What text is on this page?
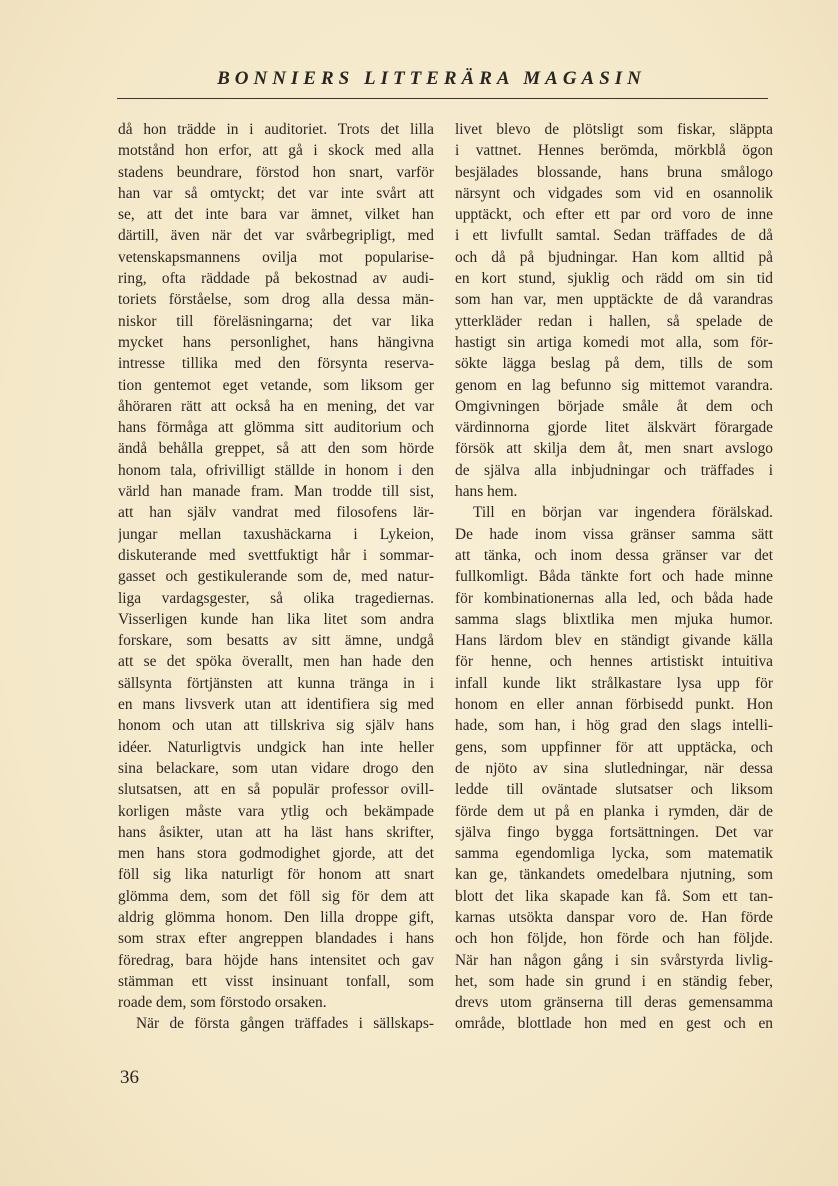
BONNIERS LITTERÄRA MAGASIN
då hon trädde in i auditoriet. Trots det lilla
motstånd hon erfor, att gå i skock med alla
stadens beundrare, förstod hon snart, varför
han var så omtyckt; det var inte svårt att
se, att det inte bara var ämnet, vilket han
därtill, även när det var svårbegripligt, med
vetenskapsmannens ovilja mot popularise-
ring, ofta räddade på bekostnad av audi-
toriets förståelse, som drog alla dessa män-
niskor till föreläsningarna; det var lika
mycket hans personlighet, hans hängivna
intresse tillika med den försynta reserva-
tion gentemot eget vetande, som liksom ger
åhöraren rätt att också ha en mening, det var
hans förmåga att glömma sitt auditorium och
ändå behålla greppet, så att den som hörde
honom tala, ofrivilligt ställde in honom i den
värld han manade fram. Man trodde till sist,
att han själv vandrat med filosofens lär-
jungar mellan taxushäckarna i Lykeion,
diskuterande med svettfuktigt hår i sommar-
gasset och gestikulerande som de, med natur-
liga vardagsgester, så olika tragediernas.
Visserligen kunde han lika litet som andra
forskare, som besatts av sitt ämne, undgå
att se det spöka överallt, men han hade den
sällsynta förtjänsten att kunna tränga in i
en mans livsverk utan att identifiera sig med
honom och utan att tillskriva sig själv hans
idéer. Naturligtvis undgick han inte heller
sina belackare, som utan vidare drogo den
slutsatsen, att en så populär professor ovill-
korligen måste vara ytlig och bekämpade
hans åsikter, utan att ha läst hans skrifter,
men hans stora godmodighet gjorde, att det
föll sig lika naturligt för honom att snart
glömma dem, som det föll sig för dem att
aldrig glömma honom. Den lilla droppe gift,
som strax efter angreppen blandades i hans
föredrag, bara höjde hans intensitet och gav
stämman ett visst insinuant tonfall, som
roade dem, som förstodo orsaken.
När de första gången träffades i sällskaps-
livet blevo de plötsligt som fiskar, släppta
i vattnet. Hennes berömda, mörkblå ögon
besjälades blossande, hans bruna smålogo
närsynt och vidgades som vid en osannolik
upptäckt, och efter ett par ord voro de inne
i ett livfullt samtal. Sedan träffades de då
och då på bjudningar. Han kom alltid på
en kort stund, sjuklig och rädd om sin tid
som han var, men upptäckte de då varandras
ytterkläder redan i hallen, så spelade de
hastigt sin artiga komedi mot alla, som för-
sökte lägga beslag på dem, tills de som
genom en lag befunno sig mittemot varandra.
Omgivningen började småle åt dem och
värdinnorna gjorde litet älskvärt förargade
försök att skilja dem åt, men snart avslogo
de själva alla inbjudningar och träffades i
hans hem.
Till en början var ingendera förälskad.
De hade inom vissa gränser samma sätt
att tänka, och inom dessa gränser var det
fullkomligt. Båda tänkte fort och hade minne
för kombinationernas alla led, och båda hade
samma slags blixtlika men mjuka humor.
Hans lärdom blev en ständigt givande källa
för henne, och hennes artistiskt intuitiva
infall kunde likt strålkastare lysa upp för
honom en eller annan förbisedd punkt. Hon
hade, som han, i hög grad den slags intelli-
gens, som uppfinner för att upptäcka, och
de njöto av sina slutledningar, när dessa
ledde till oväntade slutsatser och liksom
förde dem ut på en planka i rymden, där de
själva fingo bygga fortsättningen. Det var
samma egendomliga lycka, som matematik
kan ge, tänkandets omedelbara njutning, som
blott det lika skapade kan få. Som ett tan-
karnas utsökta danspar voro de. Han förde
och hon följde, hon förde och han följde.
När han någon gång i sin svårstyrda livlig-
het, som hade sin grund i en ständig feber,
drevs utom gränserna till deras gemensamma
område, blottlade hon med en gest och en
36
